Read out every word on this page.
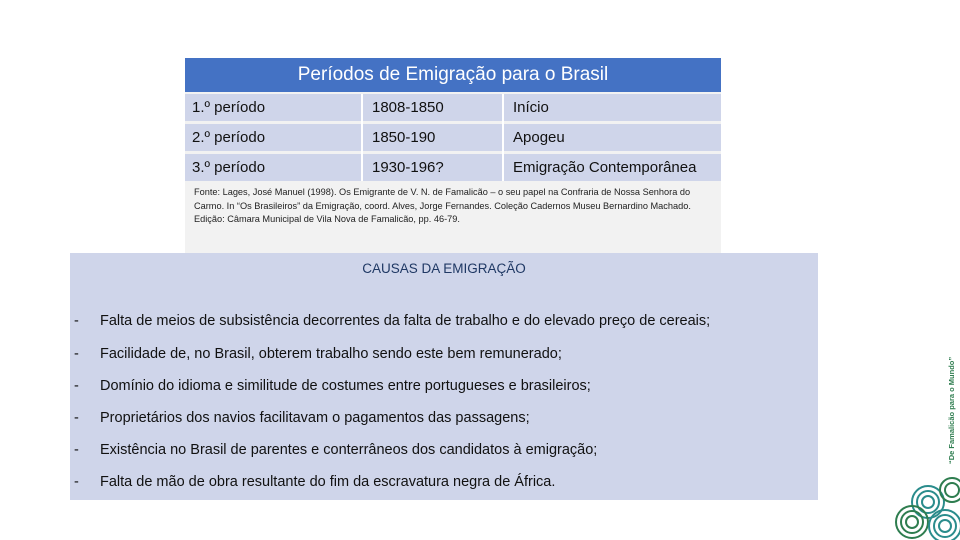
Períodos de Emigração para o Brasil
1.º período	1808-1850	Início
2.º período	1850-190	Apogeu
3.º período	1930-196?	Emigração Contemporânea
Fonte: Lages, José Manuel (1998). Os Emigrante de V. N. de Famalicão – o seu papel na Confraria de Nossa Senhora do Carmo. In “Os Brasileiros” da Emigração, coord. Alves, Jorge Fernandes. Coleção Cadernos Museu Bernardino Machado. Edição: Câmara Municipal de Vila Nova de Famalicão, pp. 46-79.
CAUSAS DA EMIGRAÇÃO
- Falta de meios de subsistência decorrentes da falta de trabalho e do elevado preço de cereais;
- Facilidade de, no Brasil, obterem trabalho sendo este bem remunerado;
- Domínio do idioma e similitude de costumes entre portugueses e brasileiros;
- Proprietários dos navios facilitavam o pagamentos das passagens;
- Existência no Brasil de parentes e conterrâneos dos candidatos à emigração;
- Falta de mão de obra resultante do fim da escravatura negra de África.
“De Famalicão para o Mundo”
